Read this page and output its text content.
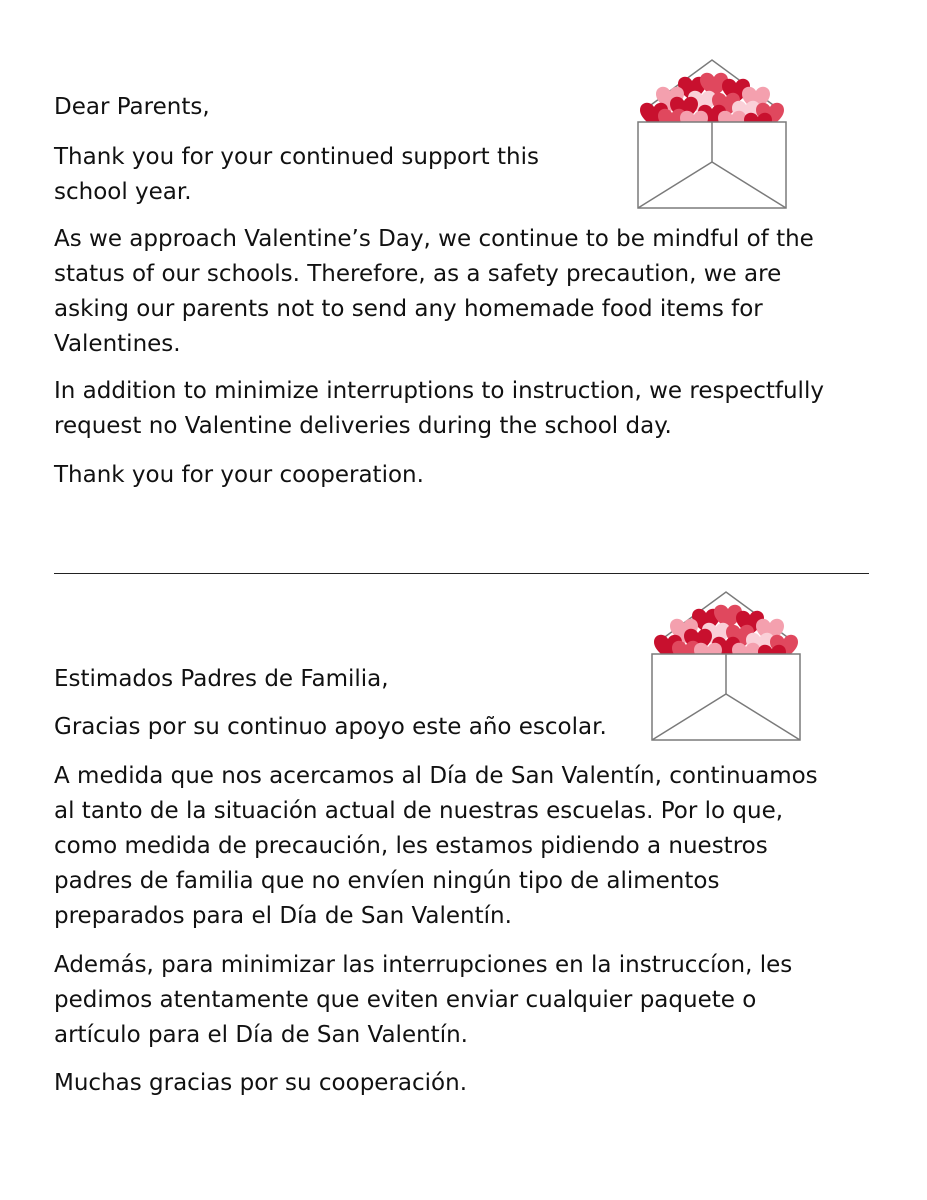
Dear Parents,

Thank you for your continued support this
school year.

As we approach Valentine’s Day, we continue to be mindful of the
status of our schools. Therefore, as a safety precaution, we are
asking our parents not to send any homemade food items for
Valentines.

In addition to minimize interruptions to instruction, we respectfully
request no Valentine deliveries during the school day.

Thank you for your cooperation.

Estimados Padres de Familia,

Gracias por su continuo apoyo este año escolar.

A medida que nos acercamos al Día de San Valentín, continuamos
al tanto de la situación actual de nuestras escuelas. Por lo que,
como medida de precaución, les estamos pidiendo a nuestros
padres de familia que no envíen ningún tipo de alimentos
preparados para el Día de San Valentín.

Además, para minimizar las interrupciones en la instruccíon, les
pedimos atentamente que eviten enviar cualquier paquete o
artículo para el Día de San Valentín.

Muchas gracias por su cooperación.
